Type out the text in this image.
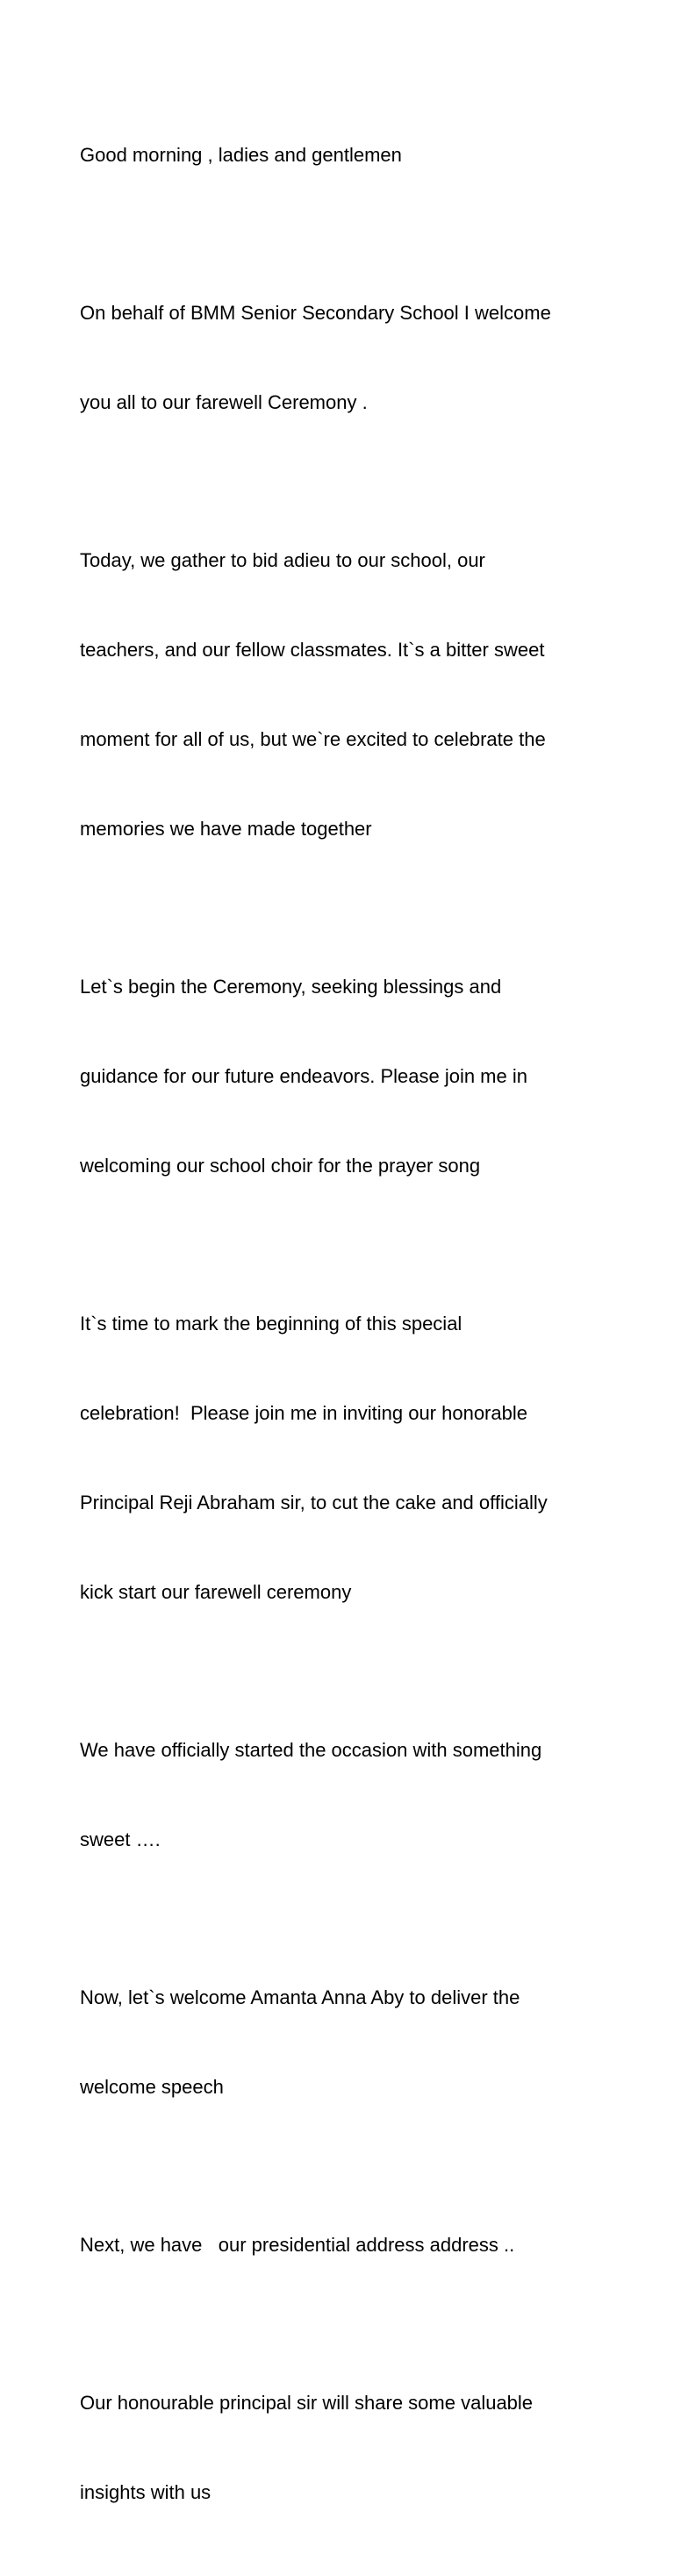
Good morning , ladies and gentlemen

On behalf of BMM Senior Secondary School I welcome

you all to our farewell Ceremony .

Today, we gather to bid adieu to our school, our

teachers, and our fellow classmates. It`s a bitter sweet

moment for all of us, but we`re excited to celebrate the

memories we have made together

Let`s begin the Ceremony, seeking blessings and

guidance for our future endeavors. Please join me in

welcoming our school choir for the prayer song

It`s time to mark the beginning of this special

celebration!  Please join me in inviting our honorable

Principal Reji Abraham sir, to cut the cake and officially

kick start our farewell ceremony

We have officially started the occasion with something

sweet ….

Now, let`s welcome Amanta Anna Aby to deliver the

welcome speech

Next, we have   our presidential address address ..

Our honourable principal sir will share some valuable

insights with us
